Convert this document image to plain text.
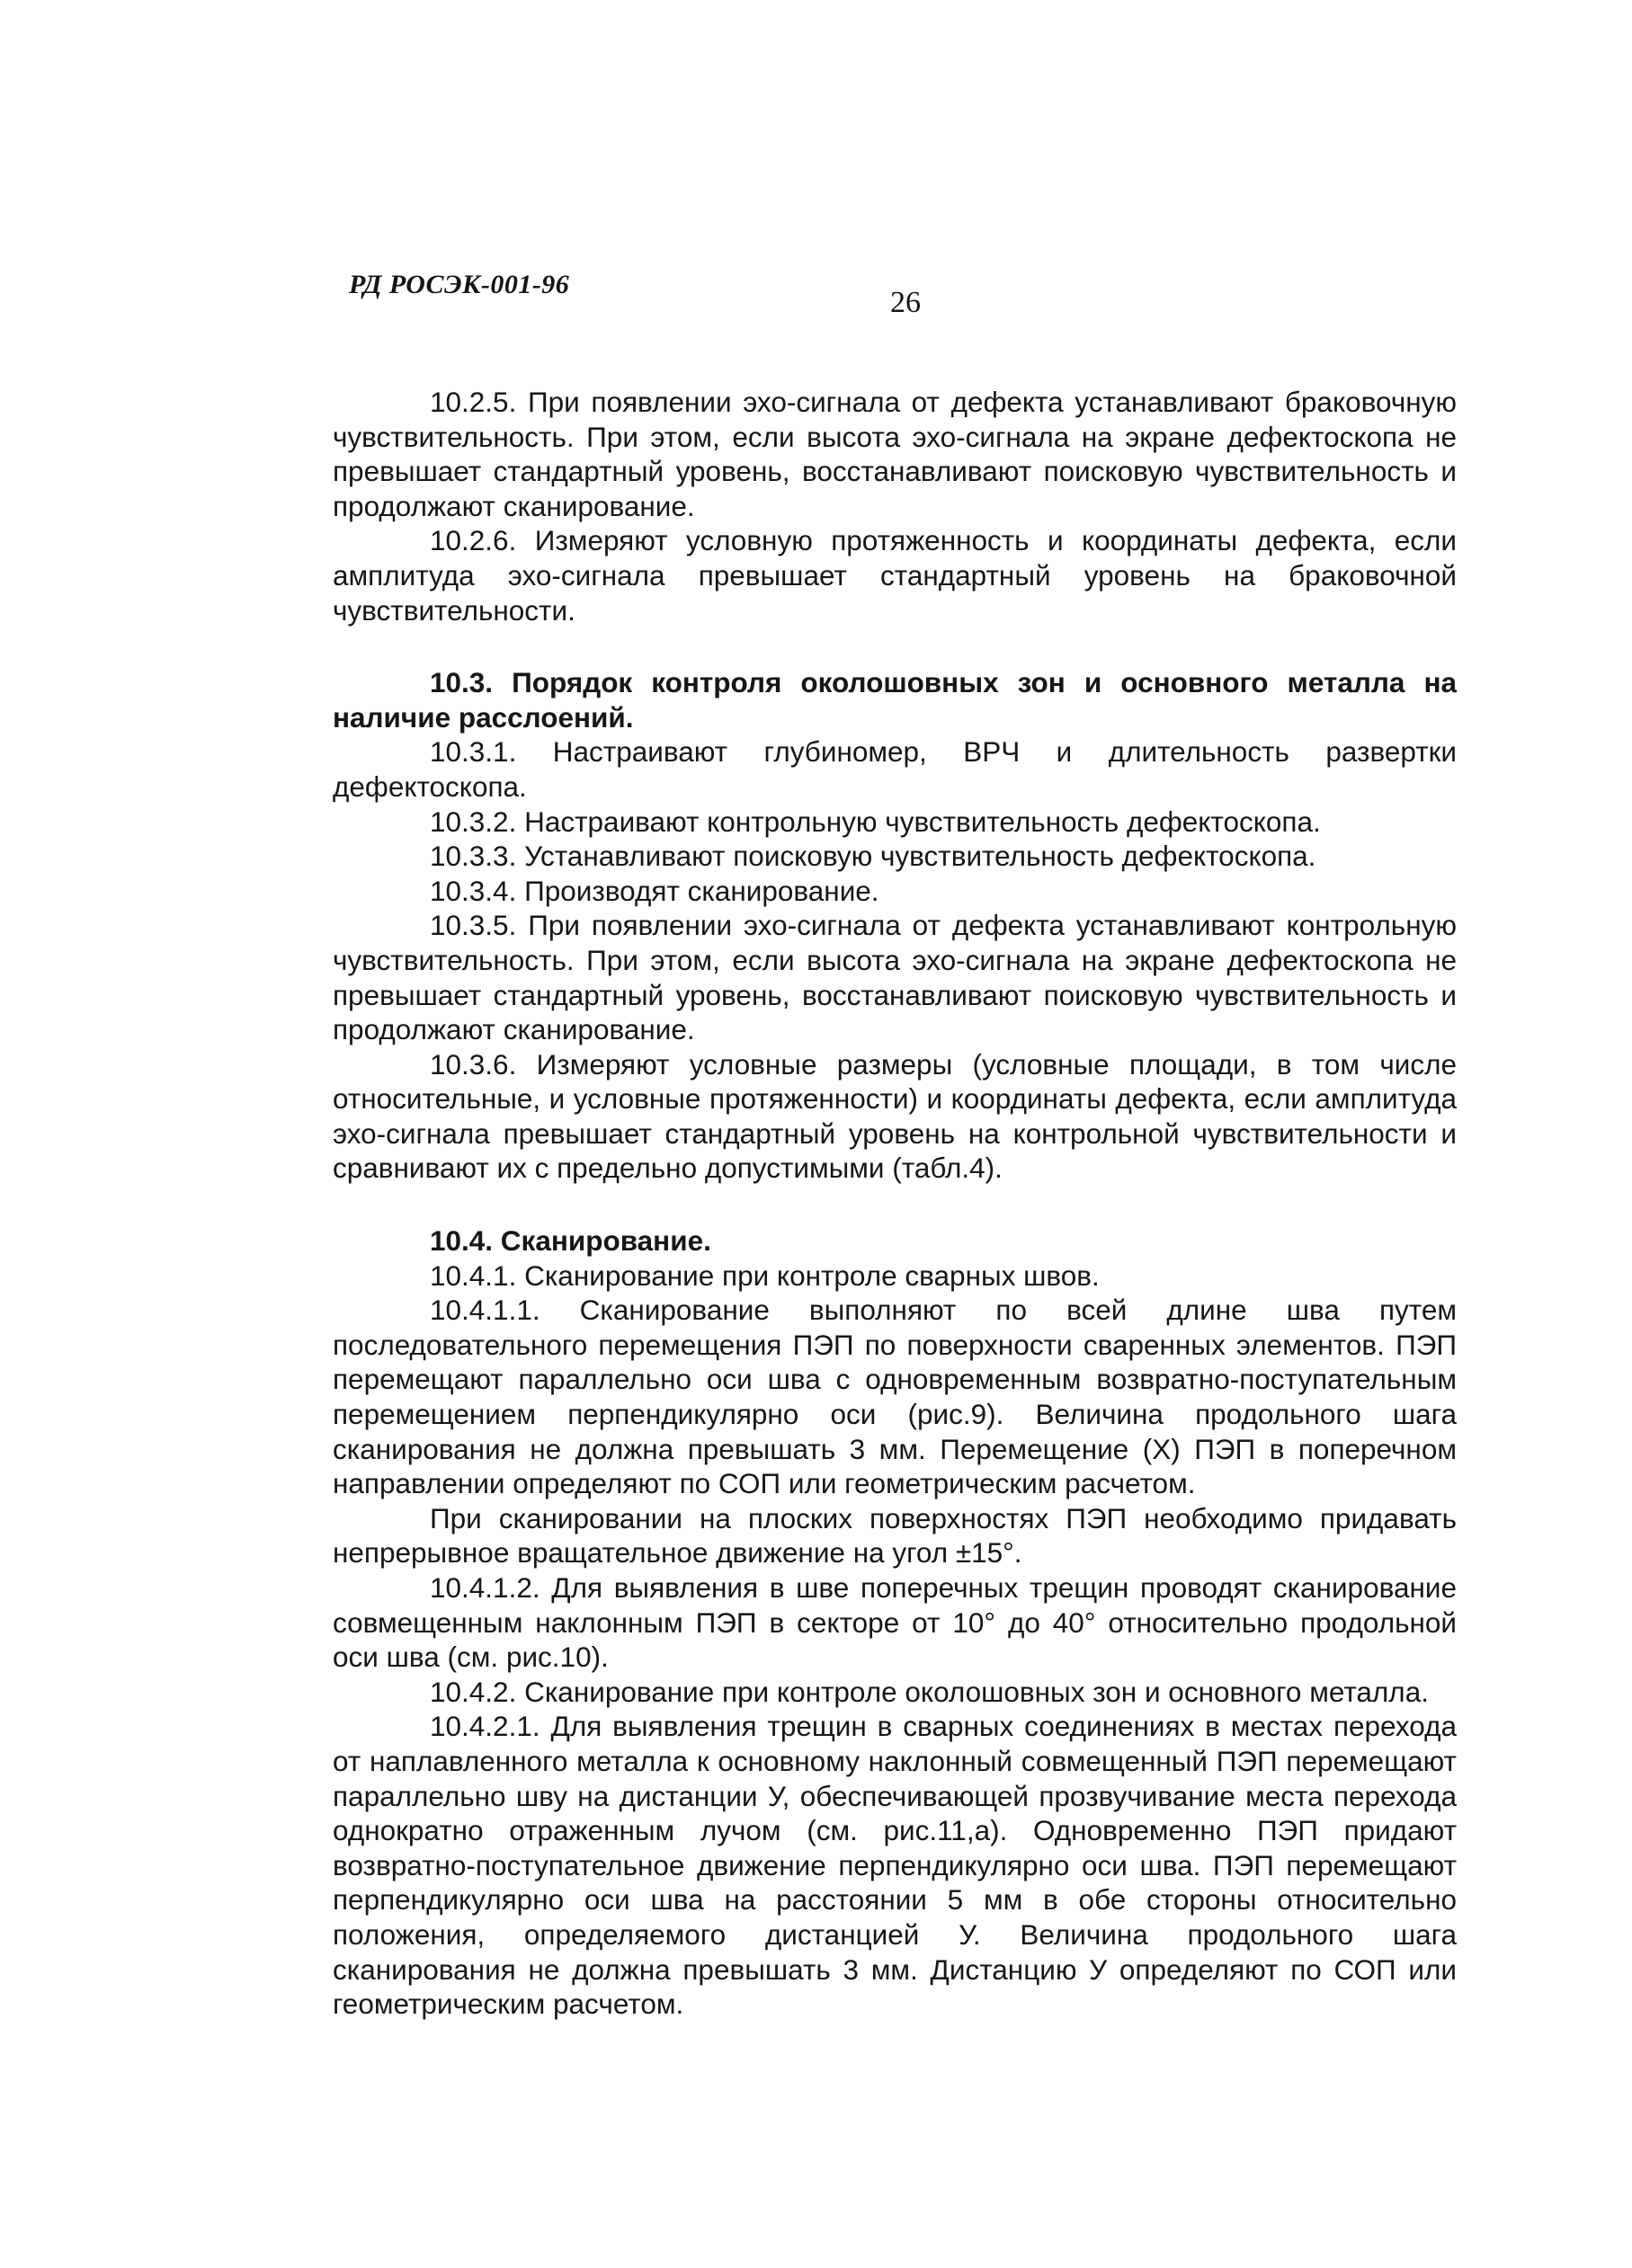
РД РОСЭК-001-96
26

10.2.5. При появлении эхо-сигнала от дефекта устанавливают браковочную чувствительность. При этом, если высота эхо-сигнала на экране дефектоскопа не превышает стандартный уровень, восстанавливают поисковую чувствительность и продолжают сканирование.

10.2.6. Измеряют условную протяженность и координаты дефекта, если амплитуда эхо-сигнала превышает стандартный уровень на браковочной чувствительности.

10.3. Порядок контроля околошовных зон и основного металла на наличие расслоений.

10.3.1. Настраивают глубиномер, ВРЧ и длительность развертки дефектоскопа.

10.3.2. Настраивают контрольную чувствительность дефектоскопа.

10.3.3. Устанавливают поисковую чувствительность дефектоскопа.

10.3.4. Производят сканирование.

10.3.5. При появлении эхо-сигнала от дефекта устанавливают контрольную чувствительность. При этом, если высота эхо-сигнала на экране дефектоскопа не превышает стандартный уровень, восстанавливают поисковую чувствительность и продолжают сканирование.

10.3.6. Измеряют условные размеры (условные площади, в том числе относительные, и условные протяженности) и координаты дефекта, если амплитуда эхо-сигнала превышает стандартный уровень на контрольной чувствительности и сравнивают их с предельно допустимыми (табл.4).

10.4. Сканирование.

10.4.1. Сканирование при контроле сварных швов.

10.4.1.1. Сканирование выполняют по всей длине шва путем последовательного перемещения ПЭП по поверхности сваренных элементов. ПЭП перемещают параллельно оси шва с одновременным возвратно-поступательным перемещением перпендикулярно оси (рис.9). Величина продольного шага сканирования не должна превышать 3 мм. Перемещение (X) ПЭП в поперечном направлении определяют по СОП или геометрическим расчетом.

При сканировании на плоских поверхностях ПЭП необходимо придавать непрерывное вращательное движение на угол ±15°.

10.4.1.2. Для выявления в шве поперечных трещин проводят сканирование совмещенным наклонным ПЭП в секторе от 10° до 40° относительно продольной оси шва (см. рис.10).

10.4.2. Сканирование при контроле околошовных зон и основного металла.

10.4.2.1. Для выявления трещин в сварных соединениях в местах перехода от наплавленного металла к основному наклонный совмещенный ПЭП перемещают параллельно шву на дистанции У, обеспечивающей прозвучивание места перехода однократно отраженным лучом (см. рис.11,а). Одновременно ПЭП придают возвратно-поступательное движение перпендикулярно оси шва. ПЭП перемещают перпендикулярно оси шва на расстоянии 5 мм в обе стороны относительно положения, определяемого дистанцией У. Величина продольного шага сканирования не должна превышать 3 мм. Дистанцию У определяют по СОП или геометрическим расчетом.
